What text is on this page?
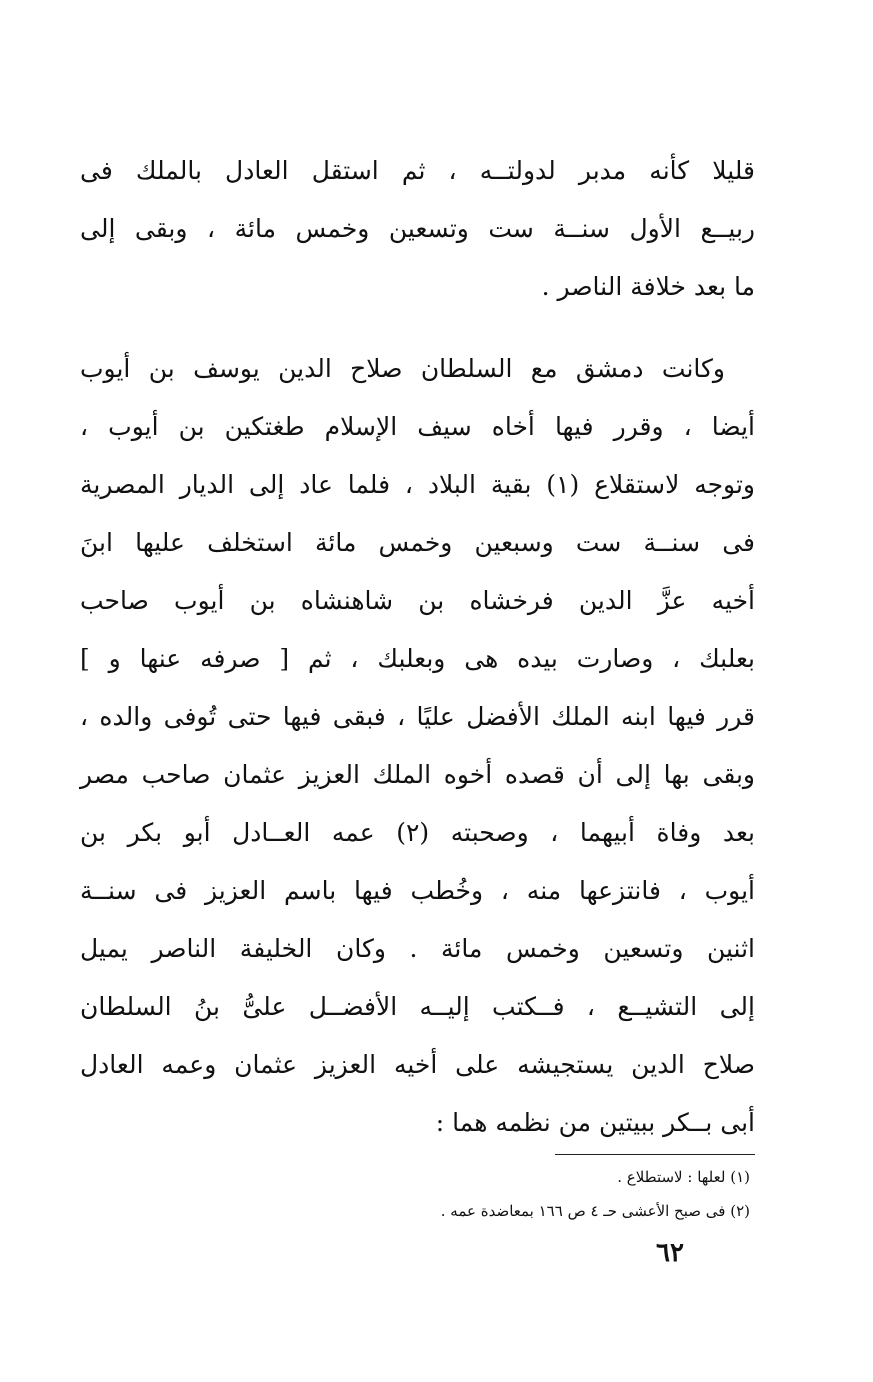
قليلا كأنه مدبر لدولتــه ، ثم استقل العادل بالملك فى
ربيــع الأول سنــة ست وتسعين وخمس مائة ، وبقى إلى
ما بعد خلافة الناصر .
وكانت دمشق مع السلطان صلاح الدين يوسف بن أيوب
أيضا ، وقرر فيها أخاه سيف الإسلام طغتكين بن أيوب ،
وتوجه لاستقلاع (١) بقية البلاد ، فلما عاد إلى الديار المصرية
فى سنــة ست وسبعين وخمس مائة استخلف عليها ابنَ
أخيه عزَّ الدين فرخشاه بن شاهنشاه بن أيوب صاحب
بعلبك ، وصارت بيده هى وبعلبك ، ثم [ صرفه عنها و ]
قرر فيها ابنه الملك الأفضل عليًا ، فبقى فيها حتى تُوفى والده ،
وبقى بها إلى أن قصده أخوه الملك العزيز عثمان صاحب مصر
بعد وفاة أبيهما ، وصحبته (٢) عمه العــادل أبو بكر بن
أيوب ، فانتزعها منه ، وخُطب فيها باسم العزيز فى سنــة
اثنين وتسعين وخمس مائة . وكان الخليفة الناصر يميل
إلى التشيــع ، فــكتب إليــه الأفضــل علىُّ بنُ السلطان
صلاح الدين يستجيشه على أخيه العزيز عثمان وعمه العادل
أبى بــكر ببيتين من نظمه هما :
(١) لعلها : لاستطلاع .
(٢) فى صبح الأعشى حـ ٤ ص ١٦٦ بمعاضدة عمه .
٦٢
